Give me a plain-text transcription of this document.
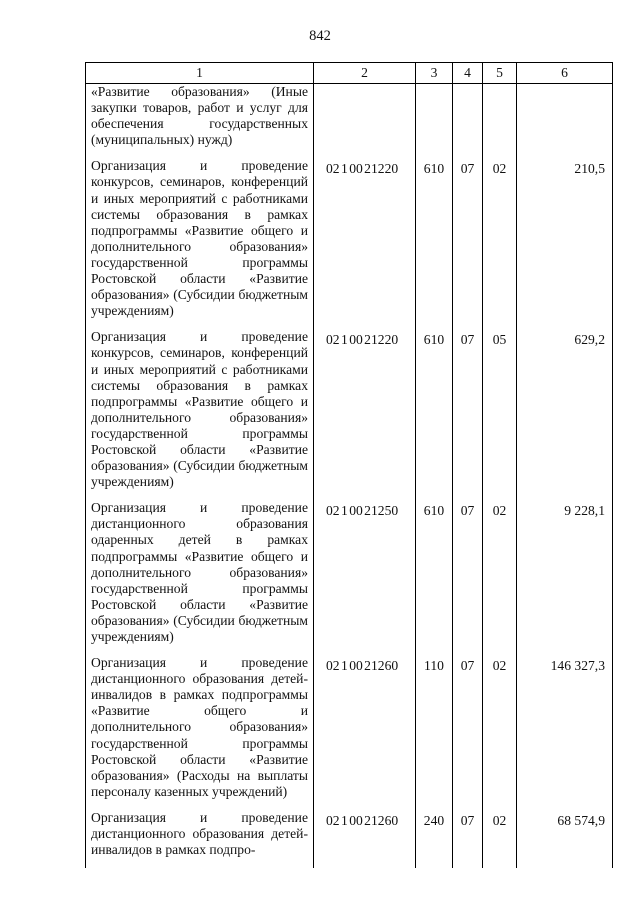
842
1	2	3	4	5	6
«Развитие образования» (Иные закупки товаров, работ и услуг для обеспечения государственных (муниципальных) нужд)					
Организация и проведение конкурсов, семинаров, конференций и иных мероприятий с работниками системы образования в рамках подпрограммы «Развитие общего и дополнительного образования» государственной программы Ростовской области «Развитие образования» (Субсидии бюджетным учреждениям)	02 1 00 21220	610	07	02	210,5
Организация и проведение конкурсов, семинаров, конференций и иных мероприятий с работниками системы образования в рамках подпрограммы «Развитие общего и дополнительного образования» государственной программы Ростовской области «Развитие образования» (Субсидии бюджетным учреждениям)	02 1 00 21220	610	07	05	629,2
Организация и проведение дистанционного образования одаренных детей в рамках подпрограммы «Развитие общего и дополнительного образования» государственной программы Ростовской области «Развитие образования» (Субсидии бюджетным учреждениям)	02 1 00 21250	610	07	02	9 228,1
Организация и проведение дистанционного образования детей-инвалидов в рамках подпрограммы «Развитие общего и дополнительного образования» государственной программы Ростовской области «Развитие образования» (Расходы на выплаты персоналу казенных учреждений)	02 1 00 21260	110	07	02	146 327,3
Организация и проведение дистанционного образования детей-инвалидов в рамках подпро-	02 1 00 21260	240	07	02	68 574,9
